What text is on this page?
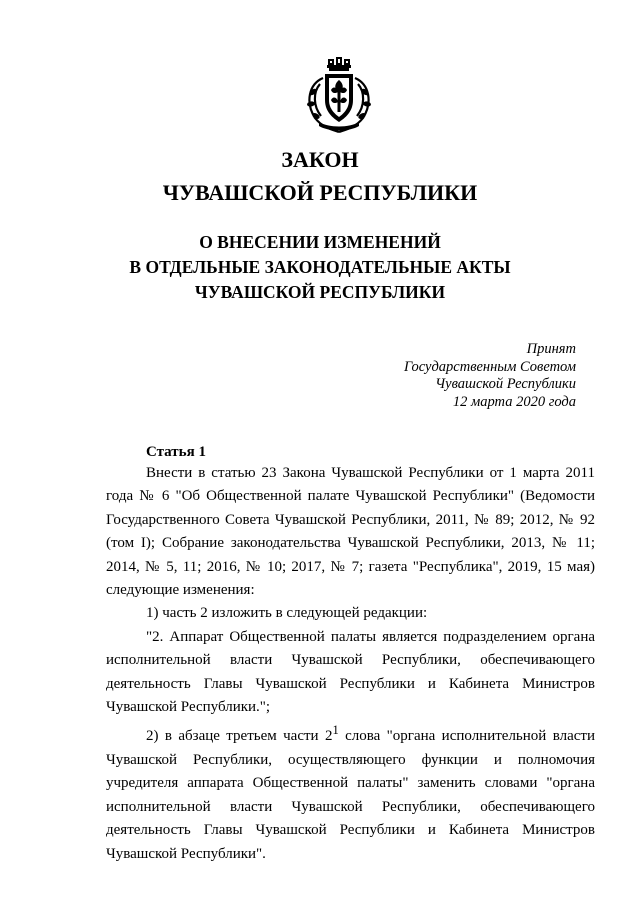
ЗАКОН
ЧУВАШСКОЙ РЕСПУБЛИКИ
О ВНЕСЕНИИ ИЗМЕНЕНИЙ
В ОТДЕЛЬНЫЕ ЗАКОНОДАТЕЛЬНЫЕ АКТЫ
ЧУВАШСКОЙ РЕСПУБЛИКИ
Принят
Государственным Советом
Чувашской Республики
12 марта 2020 года
Статья 1

Внести в статью 23 Закона Чувашской Республики от 1 марта 2011 года № 6 "Об Общественной палате Чувашской Республики" (Ведомости Государственного Совета Чувашской Республики, 2011, № 89; 2012, № 92 (том I); Собрание законодательства Чувашской Республики, 2013, № 11; 2014, № 5, 11; 2016, № 10; 2017, № 7; газета "Республика", 2019, 15 мая) следующие изменения:

1) часть 2 изложить в следующей редакции:

"2. Аппарат Общественной палаты является подразделением органа исполнительной власти Чувашской Республики, обеспечивающего деятельность Главы Чувашской Республики и Кабинета Министров Чувашской Республики.";

2) в абзаце третьем части $2^1$ слова "органа исполнительной власти Чувашской Республики, осуществляющего функции и полномочия учредителя аппарата Общественной палаты" заменить словами "органа исполнительной власти Чувашской Республики, обеспечивающего деятельность Главы Чувашской Республики и Кабинета Министров Чувашской Республики".
